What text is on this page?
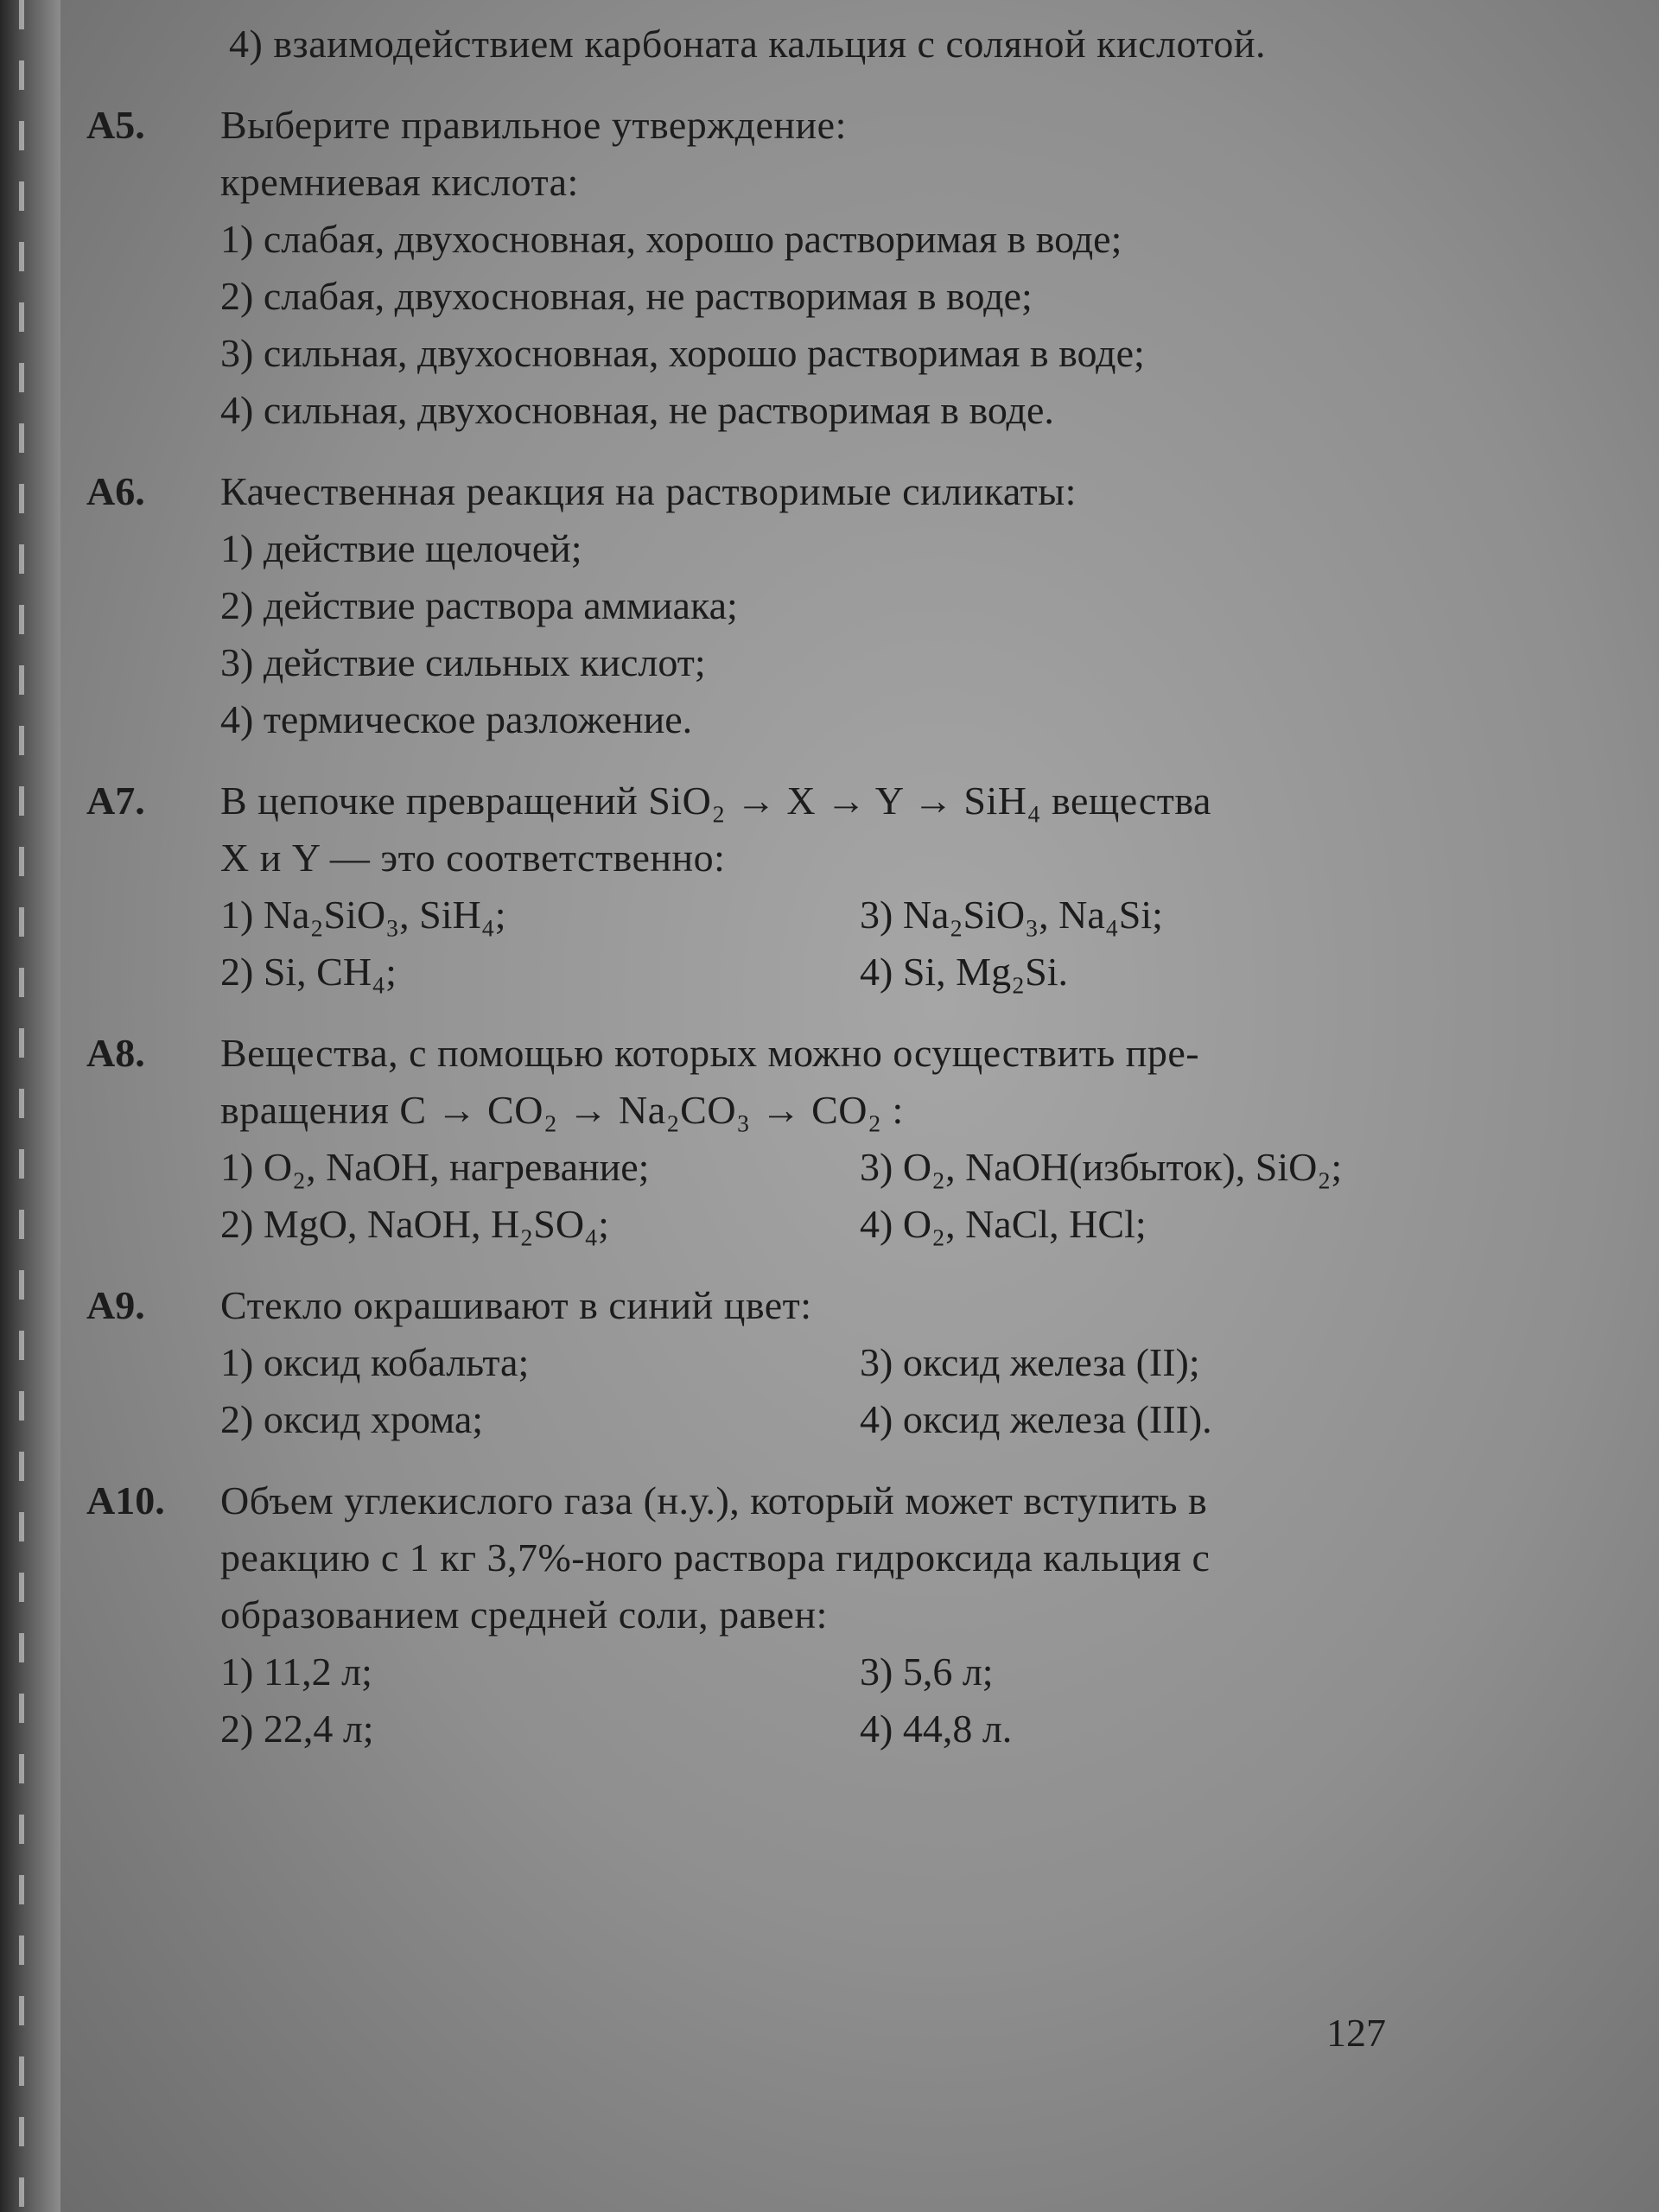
4) взаимодействием карбоната кальция с соляной кислотой.
А5. Выберите правильное утверждение:
кремниевая кислота:
1) слабая, двухосновная, хорошо растворимая в воде;
2) слабая, двухосновная, не растворимая в воде;
3) сильная, двухосновная, хорошо растворимая в воде;
4) сильная, двухосновная, не растворимая в воде.
А6. Качественная реакция на растворимые силикаты:
1) действие щелочей;
2) действие раствора аммиака;
3) действие сильных кислот;
4) термическое разложение.
А7. В цепочке превращений SiO₂ → X → Y → SiH₄ вещества
X и Y — это соответственно:
1) Na₂SiO₃, SiH₄;	3) Na₂SiO₃, Na₄Si;
2) Si, CH₄;	4) Si, Mg₂Si.
А8. Вещества, с помощью которых можно осуществить пре-
вращения C → CO₂ → Na₂CO₃ → CO₂ :
1) O₂, NaOH, нагревание;	3) O₂, NaOH(избыток), SiO₂;
2) MgO, NaOH, H₂SO₄;	4) O₂, NaCl, HCl;
А9. Стекло окрашивают в синий цвет:
1) оксид кобальта;	3) оксид железа (II);
2) оксид хрома;	4) оксид железа (III).
А10. Объем углекислого газа (н.у.), который может вступить в
реакцию с 1 кг 3,7%-ного раствора гидроксида кальция с
образованием средней соли, равен:
1) 11,2 л;	3) 5,6 л;
2) 22,4 л;	4) 44,8 л.
127
